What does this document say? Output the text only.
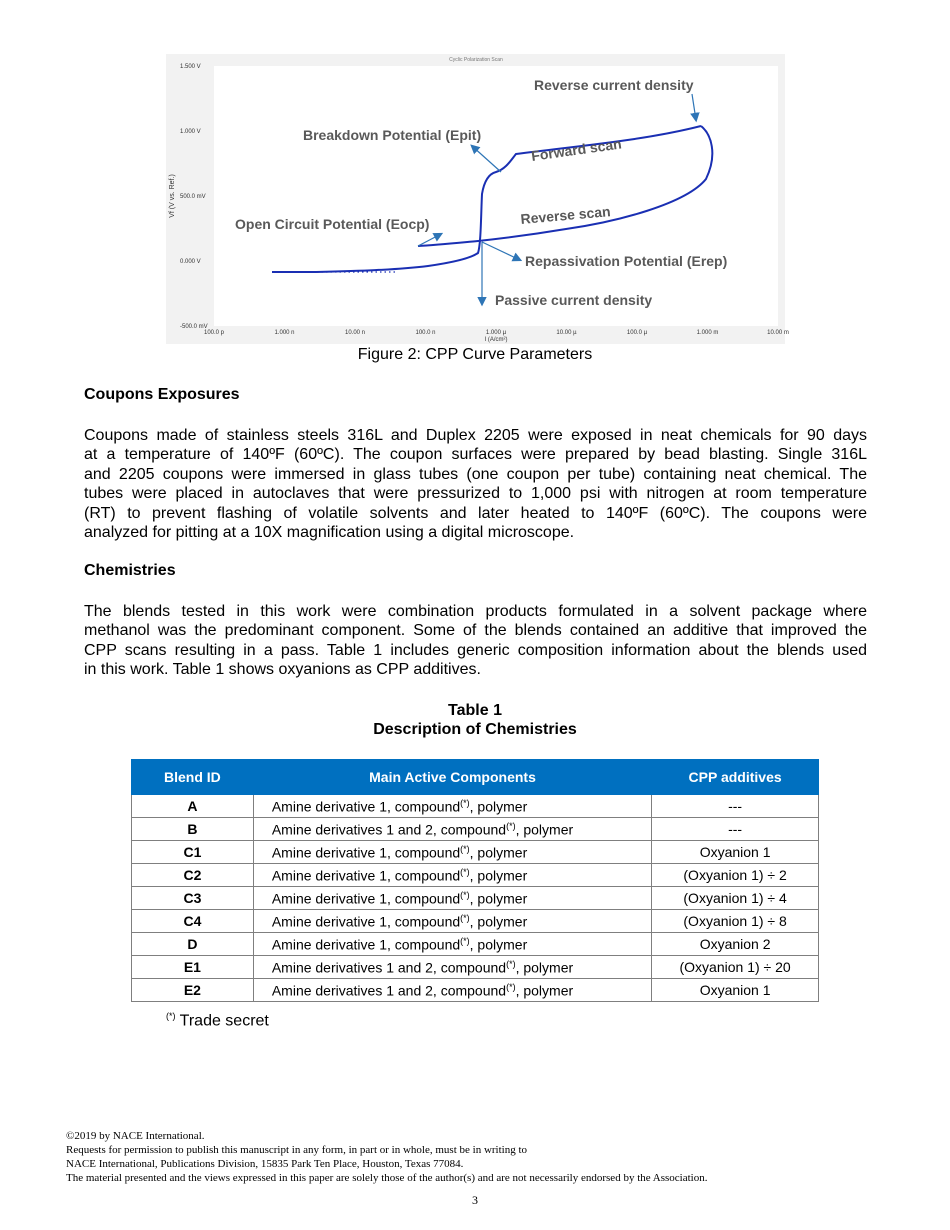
Cyclic Polarization Scan
1.500 V
1.000 V
500.0 mV
0.000 V
-500.0 mV
100.0 p	1.000 n	10.00 n	100.0 n	1.000 µ	10.00 µ	100.0 µ	1.000 m	10.00 m
Vf (V vs. Ref.)
I (A/cm²)
Reverse current density
Breakdown Potential (Epit)
Forward scan
Reverse scan
Open Circuit Potential (Eocp)
Repassivation Potential (Erep)
Passive current density
Figure 2: CPP Curve Parameters
Coupons Exposures
Coupons made of stainless steels 316L and Duplex 2205 were exposed in neat chemicals for 90 days
at a temperature of 140ºF (60ºC). The coupon surfaces were prepared by bead blasting. Single 316L
and 2205 coupons were immersed in glass tubes (one coupon per tube) containing neat chemical. The
tubes were placed in autoclaves that were pressurized to 1,000 psi with nitrogen at room temperature
(RT) to prevent flashing of volatile solvents and later heated to 140ºF (60ºC). The coupons were
analyzed for pitting at a 10X magnification using a digital microscope.
Chemistries
The blends tested in this work were combination products formulated in a solvent package where
methanol was the predominant component. Some of the blends contained an additive that improved the
CPP scans resulting in a pass. Table 1 includes generic composition information about the blends used
in this work. Table 1 shows oxyanions as CPP additives.
Table 1
Description of Chemistries
Blend ID	Main Active Components	CPP additives
A	Amine derivative 1, compound(*), polymer	---
B	Amine derivatives 1 and 2, compound(*), polymer	---
C1	Amine derivative 1, compound(*), polymer	Oxyanion 1
C2	Amine derivative 1, compound(*), polymer	(Oxyanion 1) ÷ 2
C3	Amine derivative 1, compound(*), polymer	(Oxyanion 1) ÷ 4
C4	Amine derivative 1, compound(*), polymer	(Oxyanion 1) ÷ 8
D	Amine derivative 1, compound(*), polymer	Oxyanion 2
E1	Amine derivatives 1 and 2, compound(*), polymer	(Oxyanion 1) ÷ 20
E2	Amine derivatives 1 and 2, compound(*), polymer	Oxyanion 1
(*) Trade secret
©2019 by NACE International.
Requests for permission to publish this manuscript in any form, in part or in whole, must be in writing to
NACE International, Publications Division, 15835 Park Ten Place, Houston, Texas 77084.
The material presented and the views expressed in this paper are solely those of the author(s) and are not necessarily endorsed by the Association.
3
